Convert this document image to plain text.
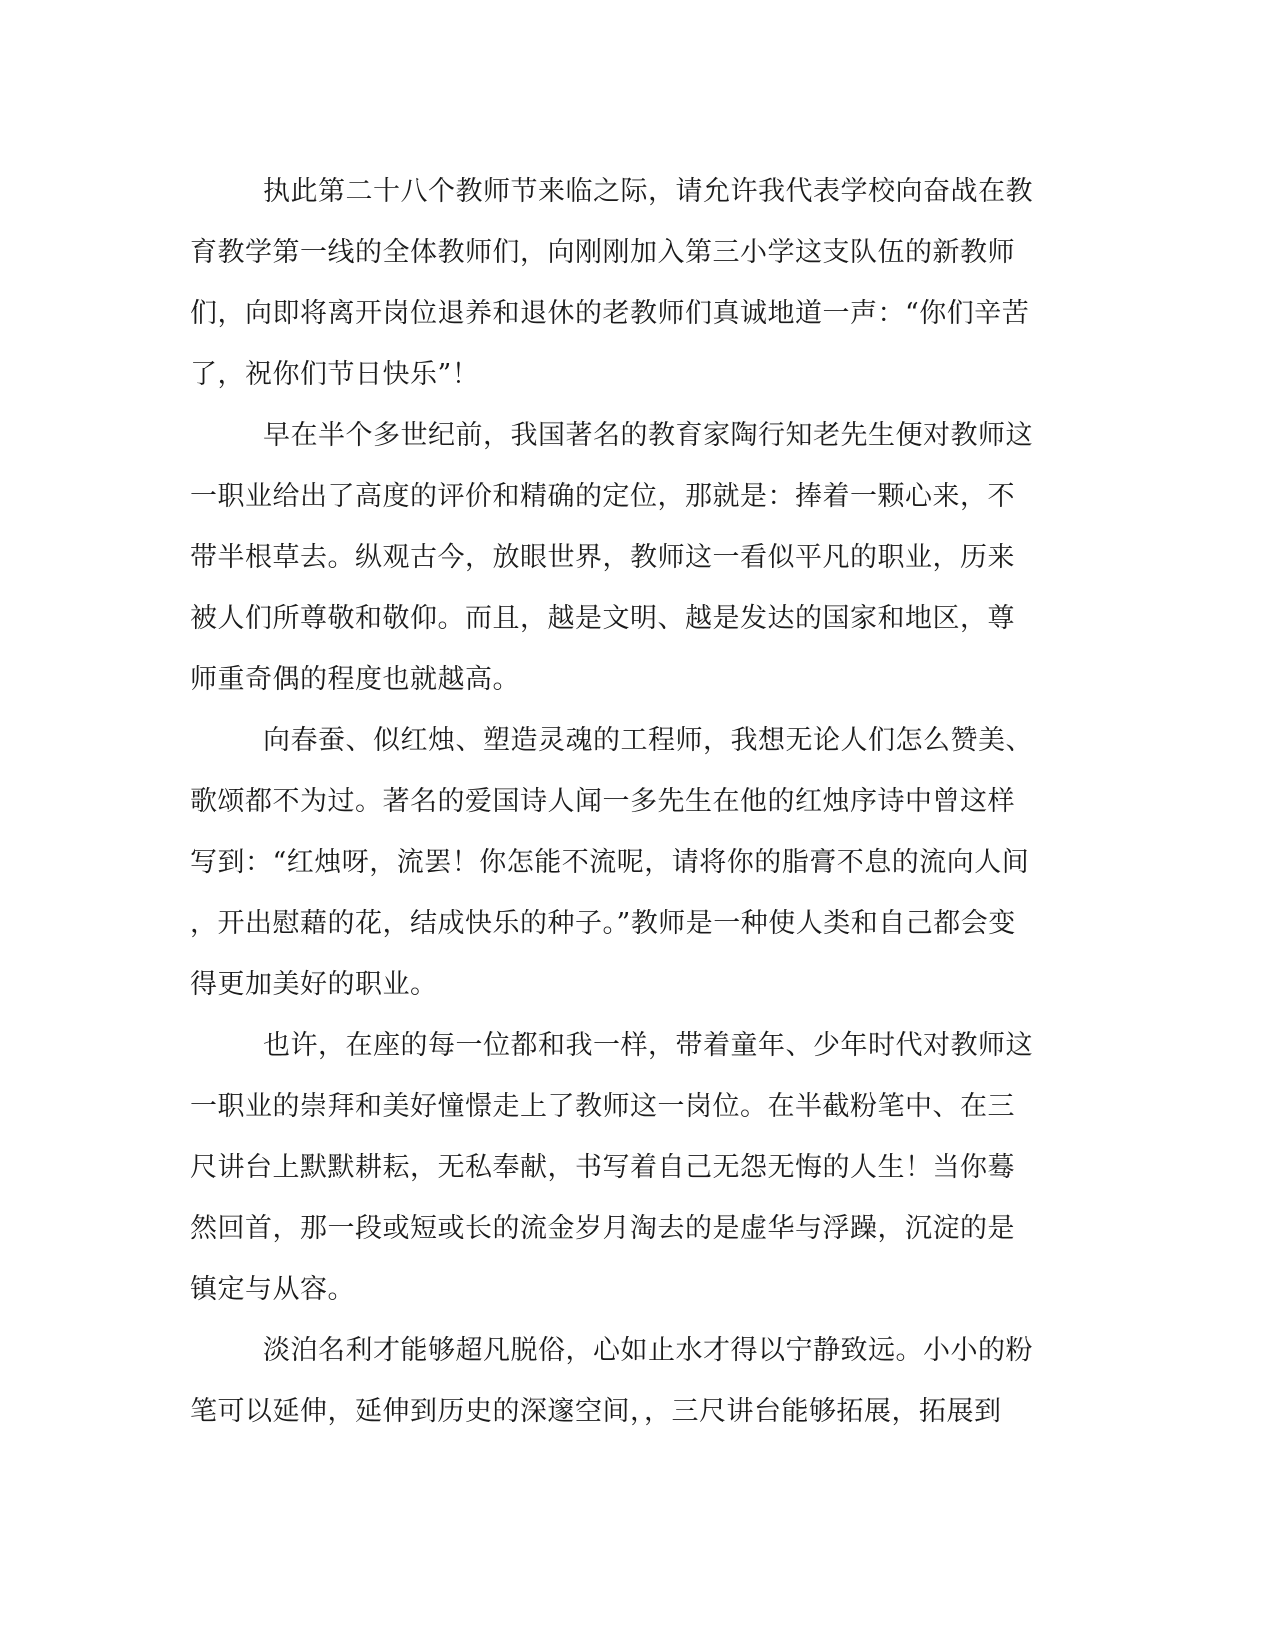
执此第二十八个教师节来临之际，请允许我代表学校向奋战在教
育教学第一线的全体教师们，向刚刚加入第三小学这支队伍的新教师
们，向即将离开岗位退养和退休的老教师们真诚地道一声：“你们辛苦
了，祝你们节日快乐”！
早在半个多世纪前，我国著名的教育家陶行知老先生便对教师这
一职业给出了高度的评价和精确的定位，那就是：捧着一颗心来，不
带半根草去。纵观古今，放眼世界，教师这一看似平凡的职业，历来
被人们所尊敬和敬仰。而且，越是文明、越是发达的国家和地区，尊
师重奇偶的程度也就越高。
向春蚕、似红烛、塑造灵魂的工程师，我想无论人们怎么赞美、
歌颂都不为过。著名的爱国诗人闻一多先生在他的红烛序诗中曾这样
写到：“红烛呀，流罢！你怎能不流呢，请将你的脂膏不息的流向人间
，开出慰藉的花，结成快乐的种子。”教师是一种使人类和自己都会变
得更加美好的职业。
也许，在座的每一位都和我一样，带着童年、少年时代对教师这
一职业的崇拜和美好憧憬走上了教师这一岗位。在半截粉笔中、在三
尺讲台上默默耕耘，无私奉献，书写着自己无怨无悔的人生！当你蓦
然回首，那一段或短或长的流金岁月淘去的是虚华与浮躁，沉淀的是
镇定与从容。
淡泊名利才能够超凡脱俗，心如止水才得以宁静致远。小小的粉
笔可以延伸，延伸到历史的深邃空间，，三尺讲台能够拓展，拓展到
